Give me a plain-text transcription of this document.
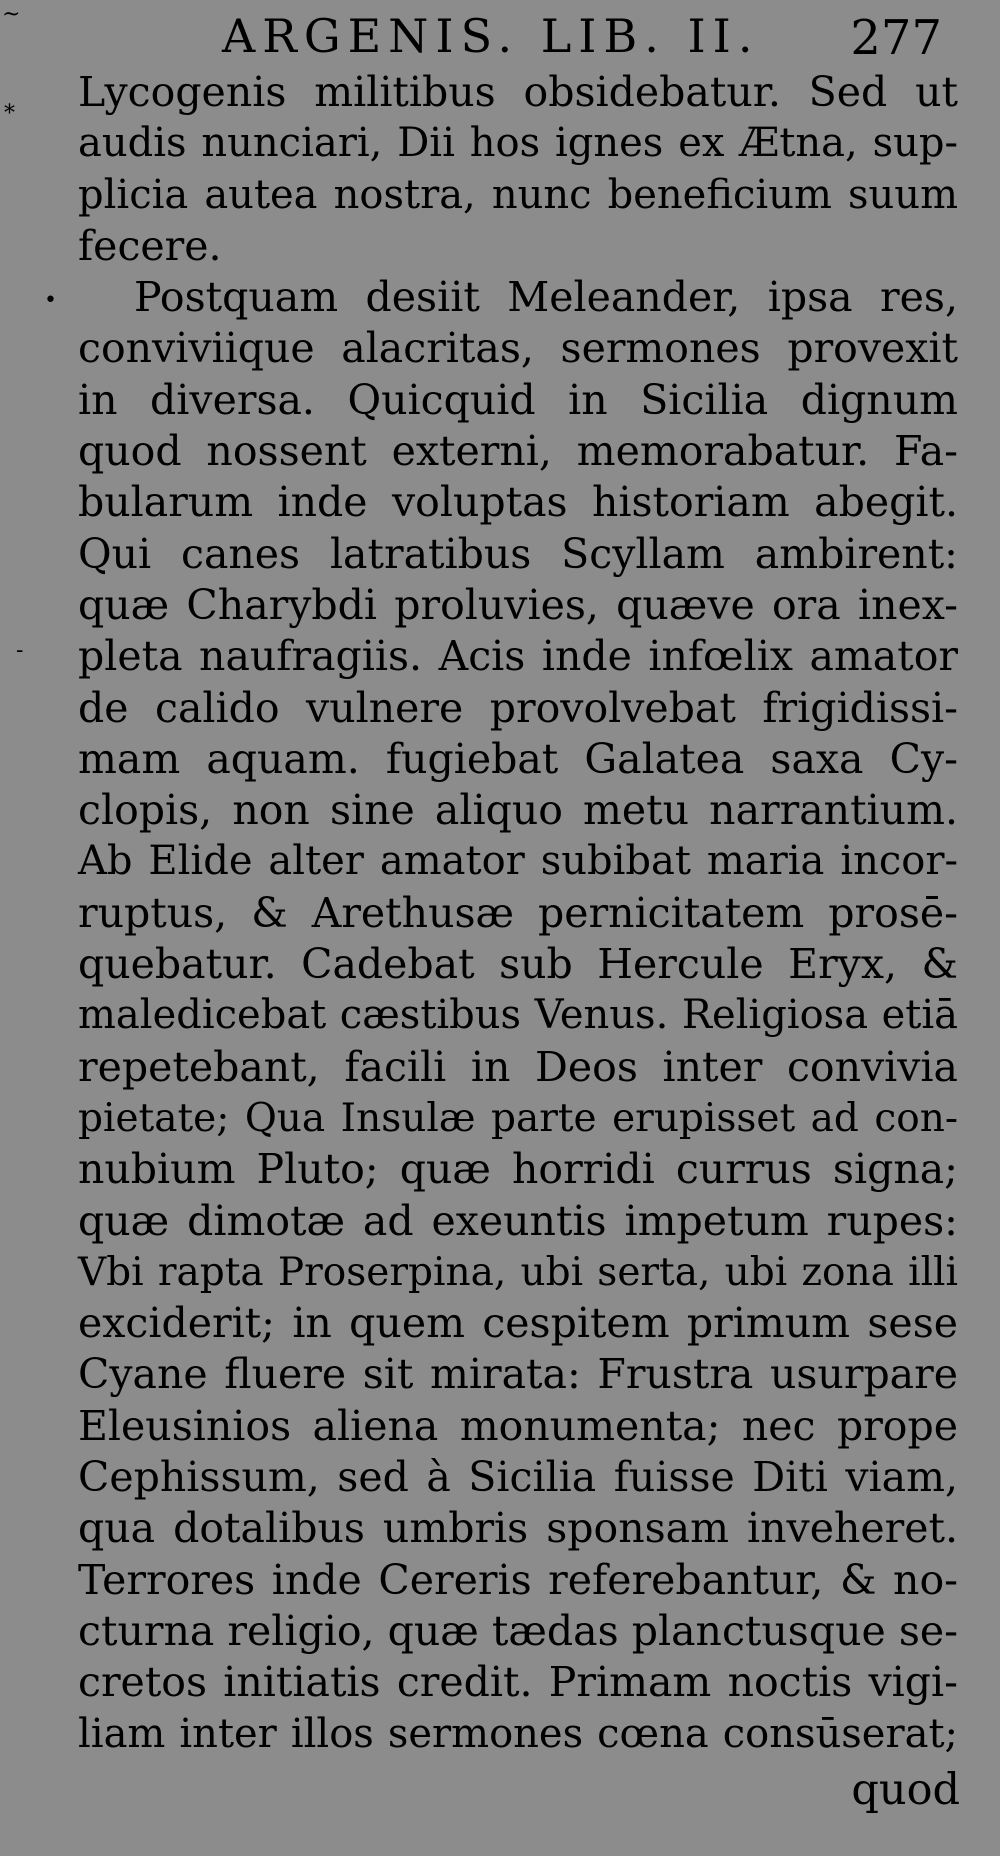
ARGENIS. LIB. II. 277
~
⁎
•
-
Lycogenis militibus obsidebatur. Sed ut
audis nunciari, Dii hos ignes ex Ætna, sup-
plicia autea nostra, nunc beneficium suum
fecere.
Postquam desiit Meleander, ipsa res,
conviviique alacritas, sermones provexit
in diversa. Quicquid in Sicilia dignum
quod nossent externi, memorabatur. Fa-
bularum inde voluptas historiam abegit.
Qui canes latratibus Scyllam ambirent:
quæ Charybdi proluvies, quæve ora inex-
pleta naufragiis. Acis inde infœlix amator
de calido vulnere provolvebat frigidissi-
mam aquam. fugiebat Galatea saxa Cy-
clopis, non sine aliquo metu narrantium.
Ab Elide alter amator subibat maria incor-
ruptus, & Arethusæ pernicitatem prosē-
quebatur. Cadebat sub Hercule Eryx, &
maledicebat cæstibus Venus. Religiosa etiā
repetebant, facili in Deos inter convivia
pietate; Qua Insulæ parte erupisset ad con-
nubium Pluto; quæ horridi currus signa;
quæ dimotæ ad exeuntis impetum rupes:
Vbi rapta Proserpina, ubi serta, ubi zona illi
exciderit; in quem cespitem primum sese
Cyane fluere sit mirata: Frustra usurpare
Eleusinios aliena monumenta; nec prope
Cephissum, sed à Sicilia fuisse Diti viam,
qua dotalibus umbris sponsam inveheret.
Terrores inde Cereris referebantur, & no-
cturna religio, quæ tædas planctusque se-
cretos initiatis credit. Primam noctis vigi-
liam inter illos sermones cœna consūserat;
quod
